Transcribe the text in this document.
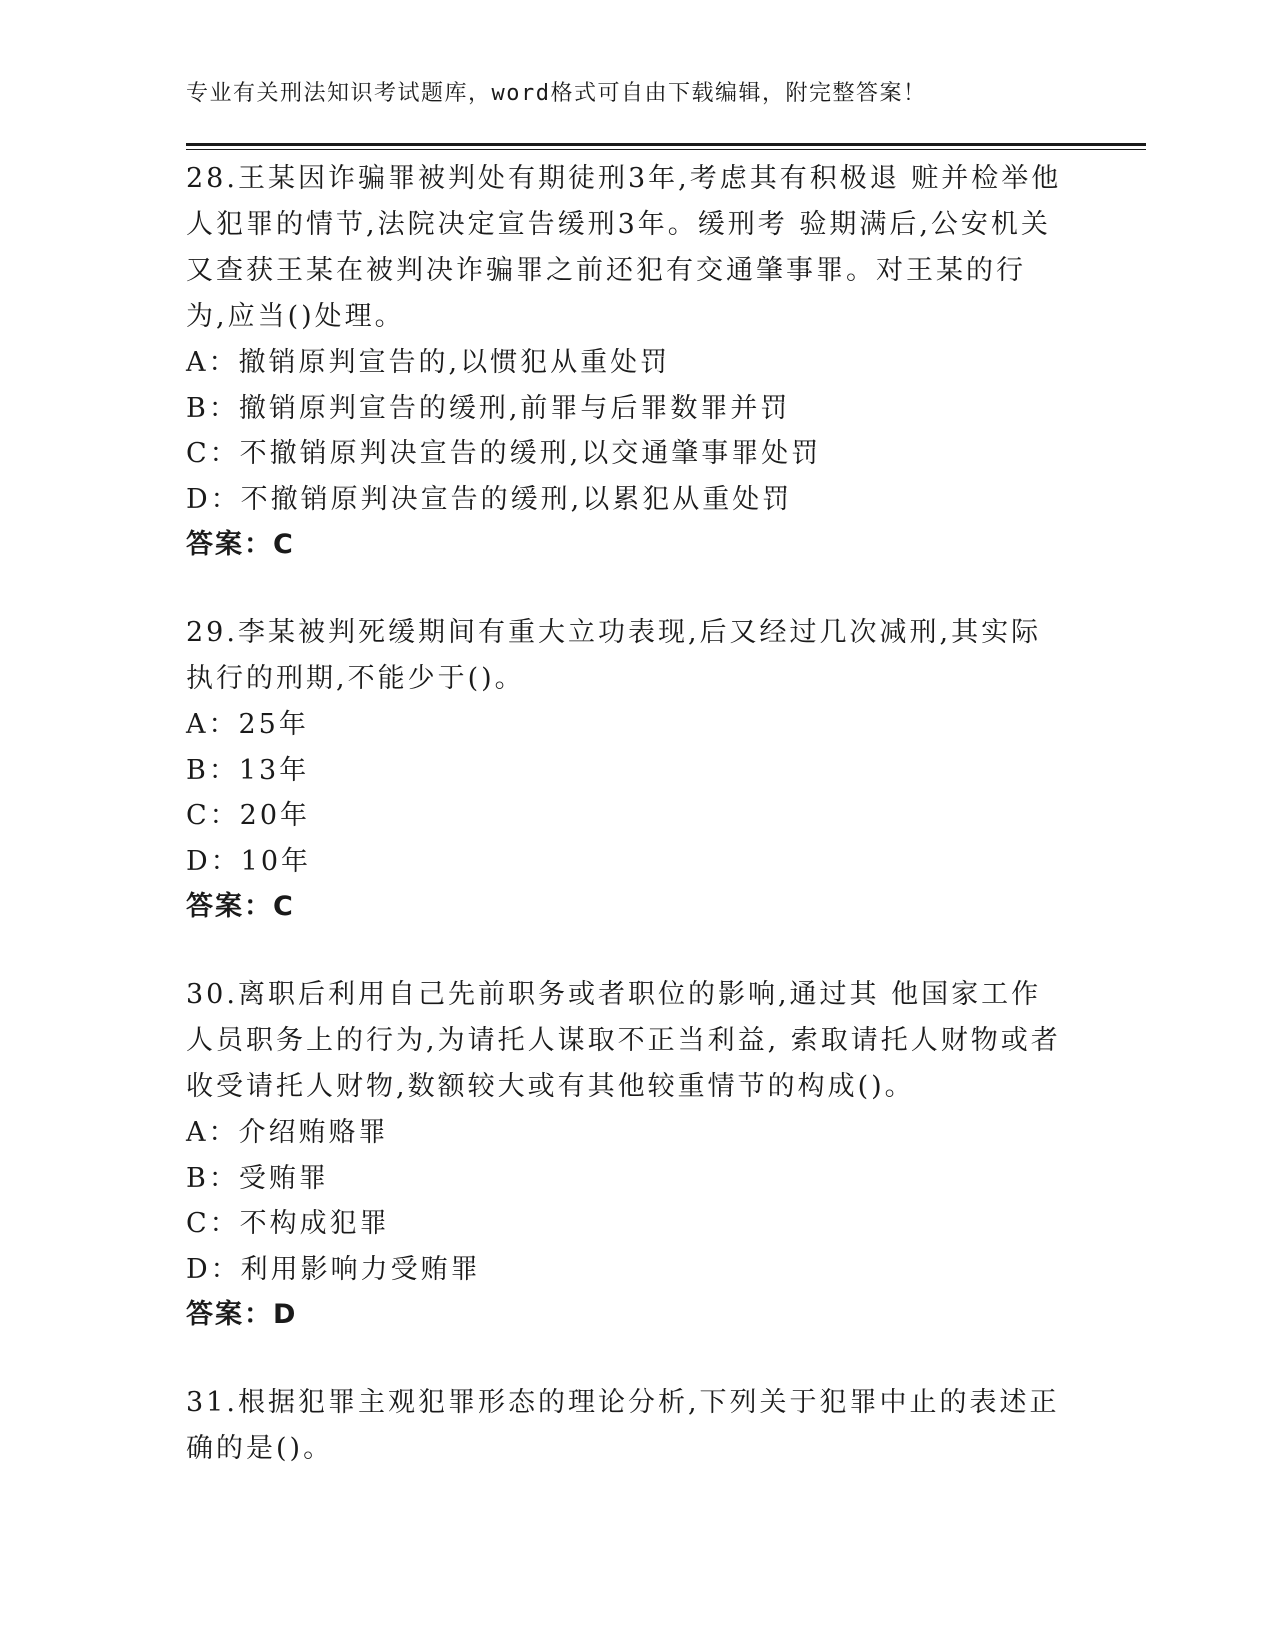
专业有关刑法知识考试题库，word格式可自由下载编辑，附完整答案！

28.王某因诈骗罪被判处有期徒刑3年,考虑其有积极退 赃并检举他人犯罪的情节,法院决定宣告缓刑3年。缓刑考 验期满后,公安机关又查获王某在被判决诈骗罪之前还犯有交通肇事罪。对王某的行为,应当()处理。

A：撤销原判宣告的,以惯犯从重处罚

B：撤销原判宣告的缓刑,前罪与后罪数罪并罚

C：不撤销原判决宣告的缓刑,以交通肇事罪处罚

D：不撤销原判决宣告的缓刑,以累犯从重处罚

答案：C

29.李某被判死缓期间有重大立功表现,后又经过几次减刑,其实际执行的刑期,不能少于()。

A：25年

B：13年

C：20年

D：10年

答案：C

30.离职后利用自己先前职务或者职位的影响,通过其 他国家工作人员职务上的行为,为请托人谋取不正当利益, 索取请托人财物或者收受请托人财物,数额较大或有其他较重情节的构成()。

A：介绍贿赂罪

B：受贿罪

C：不构成犯罪

D：利用影响力受贿罪

答案：D

31.根据犯罪主观犯罪形态的理论分析,下列关于犯罪中止的表述正确的是()。
